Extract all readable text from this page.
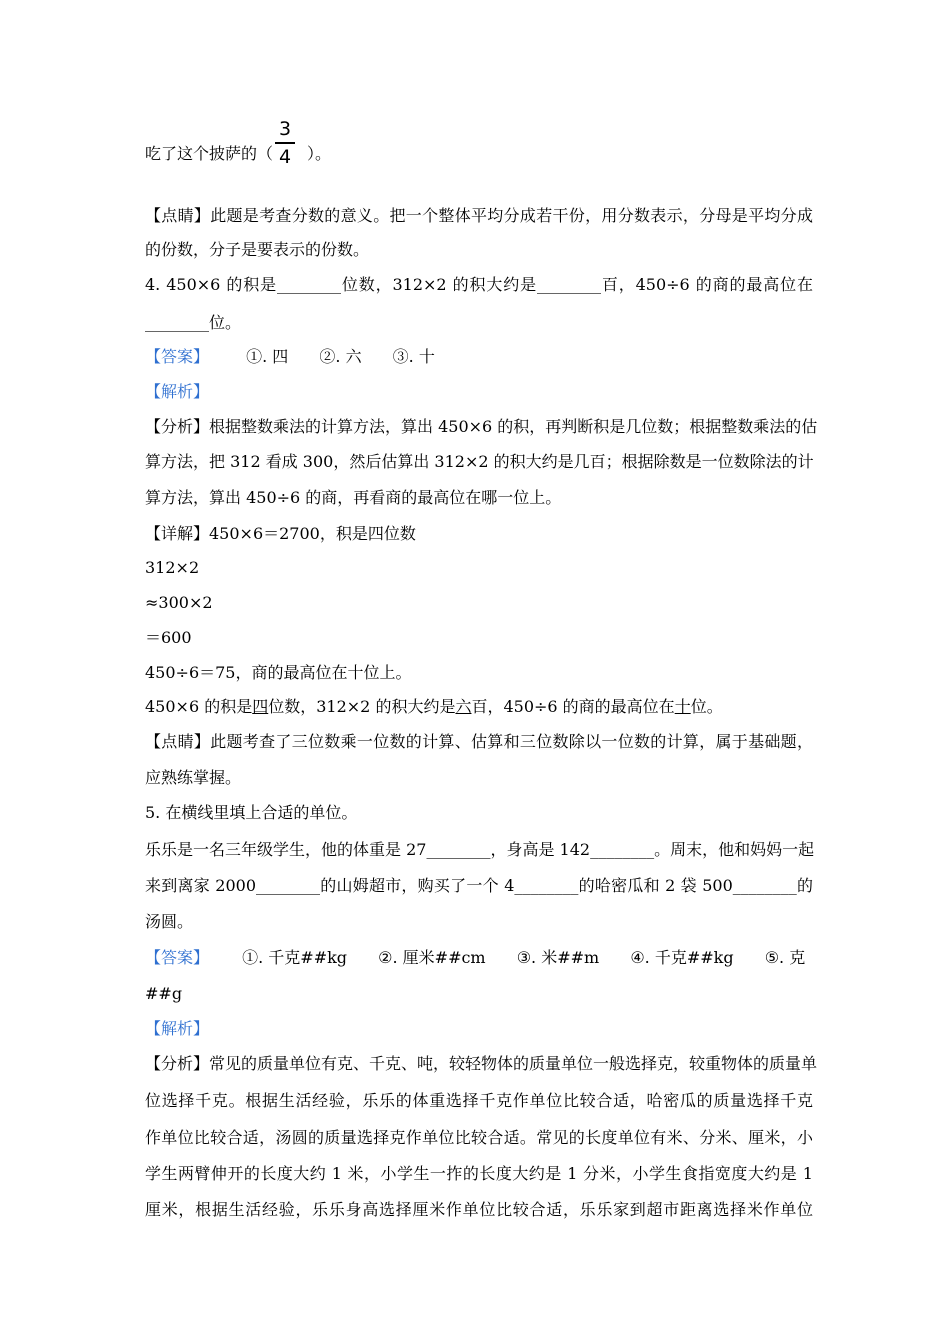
3
4
吃了这个披萨的（ ）。
【点睛】此题是考查分数的意义。把一个整体平均分成若干份，用分数表示，分母是平均分成
的份数，分子是要表示的份数。
4. 450×6 的积是________位数，312×2 的积大约是________百，450÷6 的商的最高位在
________位。
【答案】 ①. 四 ②. 六 ③. 十
【解析】
【分析】根据整数乘法的计算方法，算出 450×6 的积，再判断积是几位数；根据整数乘法的估
算方法，把 312 看成 300，然后估算出 312×2 的积大约是几百；根据除数是一位数除法的计
算方法，算出 450÷6 的商，再看商的最高位在哪一位上。
【详解】450×6＝2700，积是四位数
312×2
≈300×2
＝600
450÷6＝75，商的最高位在十位上。
450×6 的积是四位数，312×2 的积大约是六百，450÷6 的商的最高位在十位。
【点睛】此题考查了三位数乘一位数的计算、估算和三位数除以一位数的计算，属于基础题，
应熟练掌握。
5. 在横线里填上合适的单位。
乐乐是一名三年级学生，他的体重是 27________，身高是 142________。周末，他和妈妈一起
来到离家 2000________的山姆超市，购买了一个 4________的哈密瓜和 2 袋 500________的
汤圆。
【答案】 ①. 千克##kg ②. 厘米##cm ③. 米##m ④. 千克##kg ⑤. 克
##g
【解析】
【分析】常见的质量单位有克、千克、吨，较轻物体的质量单位一般选择克，较重物体的质量单
位选择千克。根据生活经验，乐乐的体重选择千克作单位比较合适，哈密瓜的质量选择千克
作单位比较合适，汤圆的质量选择克作单位比较合适。常见的长度单位有米、分米、厘米，小
学生两臂伸开的长度大约 1 米，小学生一拃的长度大约是 1 分米，小学生食指宽度大约是 1
厘米，根据生活经验，乐乐身高选择厘米作单位比较合适，乐乐家到超市距离选择米作单位
